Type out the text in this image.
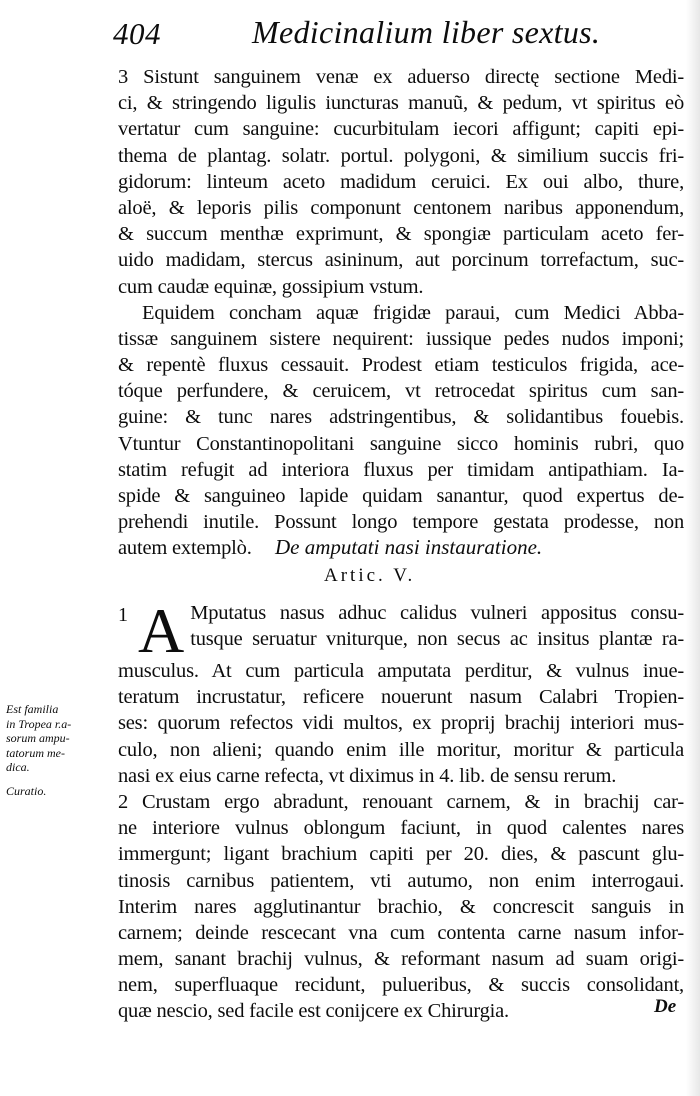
404	Medicinalium liber sextus.
3 Sistunt sanguinem venæ ex aduerso directę sectione Medi-
ci, & stringendo ligulis iuncturas manuũ, & pedum, vt spiritus eò
vertatur cum sanguine: cucurbitulam iecori affigunt; capiti epi-
thema de plantag. solatr. portul. polygoni, & similium succis fri-
gidorum: linteum aceto madidum ceruici. Ex oui albo, thure,
aloë, & leporis pilis componunt centonem naribus apponendum,
& succum menthæ exprimunt, & spongiæ particulam aceto fer-
uido madidam, stercus asininum, aut porcinum torrefactum, suc-
cum caudæ equinæ, gossipium vstum.
Equidem concham aquæ frigidæ paraui, cum Medici Abba-
tissæ sanguinem sistere nequirent: iussique pedes nudos imponi;
& repentè fluxus cessauit. Prodest etiam testiculos frigida, ace-
tóque perfundere, & ceruicem, vt retrocedat spiritus cum san-
guine: & tunc nares adstringentibus, & solidantibus fouebis.
Vtuntur Constantinopolitani sanguine sicco hominis rubri, quo
statim refugit ad interiora fluxus per timidam antipathiam. Ia-
spide & sanguineo lapide quidam sanantur, quod expertus de-
prehendi inutile. Possunt longo tempore gestata prodesse, non
autem extemplò.	De amputati nasi instauratione.
Artic. V.
1 A Mputatus nasus adhuc calidus vulneri appositus consu-
tusque seruatur vniturque, non secus ac insitus plantæ ra-
musculus. At cum particula amputata perditur, & vulnus inue-
teratum incrustatur, reficere nouerunt nasum Calabri Tropien-
ses: quorum refectos vidi multos, ex proprij brachij interiori mus-
culo, non alieni; quando enim ille moritur, moritur & particula
nasi ex eius carne refecta, vt diximus in 4. lib. de sensu rerum.
2 Crustam ergo abradunt, renouant carnem, & in brachij car-
ne interiore vulnus oblongum faciunt, in quod calentes nares
immergunt; ligant brachium capiti per 20. dies, & pascunt glu-
tinosis carnibus patientem, vti autumo, non enim interrogaui.
Interim nares agglutinantur brachio, & concrescit sanguis in
carnem; deinde rescecant vna cum contenta carne nasum infor-
mem, sanant brachij vulnus, & reformant nasum ad suam origi-
nem, superfluaque recidunt, pulueribus, & succis consolidant,
quæ nescio, sed facile est conijcere ex Chirurgia.
Est familia
in Tropea r.a-
sorum ampu-
tatorum me-
dica.
Curatio.
De
